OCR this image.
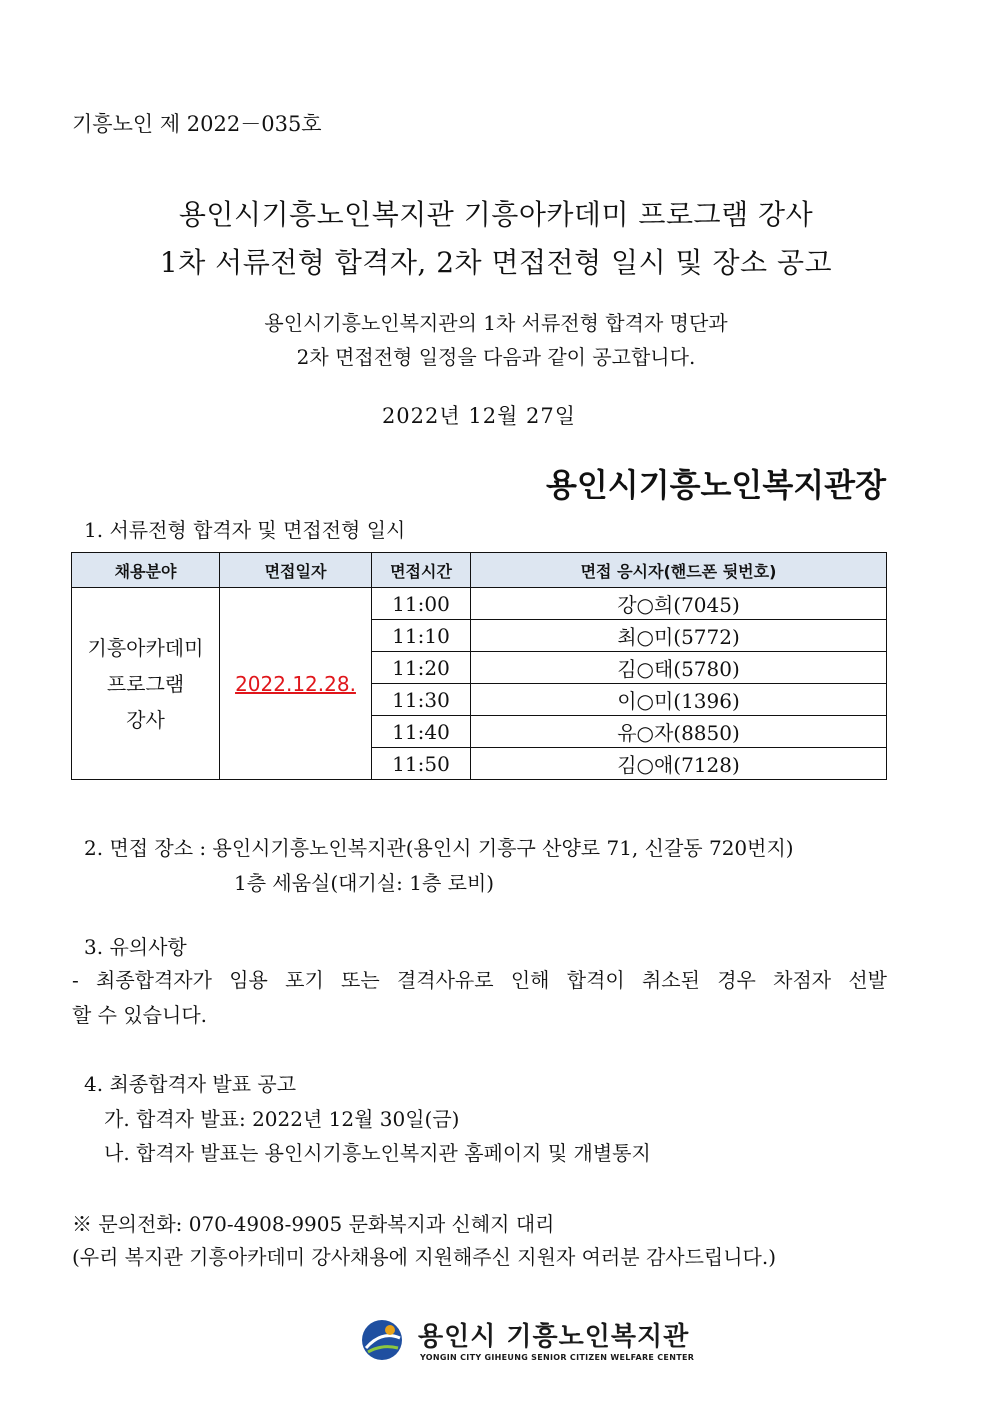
기흥노인 제 2022－035호
용인시기흥노인복지관 기흥아카데미 프로그램 강사
1차 서류전형 합격자, 2차 면접전형 일시 및 장소 공고
용인시기흥노인복지관의 1차 서류전형 합격자 명단과
2차 면접전형 일정을 다음과 같이 공고합니다.
2022년 12월 27일
용인시기흥노인복지관장
1. 서류전형 합격자 및 면접전형 일시
채용분야	면접일자	면접시간	면접 응시자(핸드폰 뒷번호)

기흥아카데미
프로그램
강사	2022.12.28.	11:00	강○희(7045)
		11:10	최○미(5772)
		11:20	김○태(5780)
		11:30	이○미(1396)
		11:40	유○자(8850)
		11:50	김○애(7128)
2. 면접 장소 : 용인시기흥노인복지관(용인시 기흥구 산양로 71, 신갈동 720번지)
1층 세움실(대기실: 1층 로비)
3. 유의사항
- 최종합격자가 임용 포기 또는 결격사유로 인해 합격이 취소된 경우 차점자 선발
할 수 있습니다.
4. 최종합격자 발표 공고
가. 합격자 발표: 2022년 12월 30일(금)
나. 합격자 발표는 용인시기흥노인복지관 홈페이지 및 개별통지
※ 문의전화: 070-4908-9905 문화복지과 신혜지 대리
(우리 복지관 기흥아카데미 강사채용에 지원해주신 지원자 여러분 감사드립니다.)
용인시 기흥노인복지관
YONGIN CITY GIHEUNG SENIOR CITIZEN WELFARE CENTER
